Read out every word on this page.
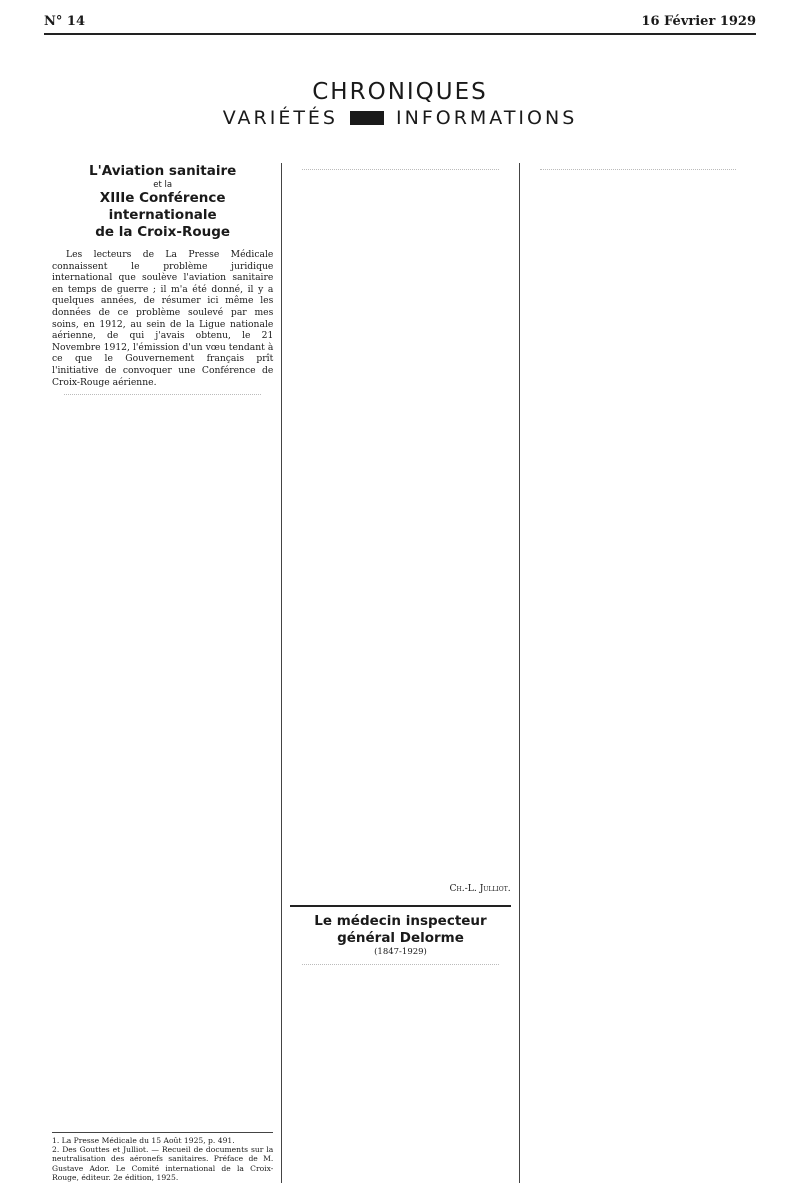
N° 14	16 Février 1929
CHRONIQUES
VARIÉTÉS	INFORMATIONS
L'Aviation sanitaire
et la
XIIIe Conférence internationale
de la Croix-Rouge

Les lecteurs de La Presse Médicale connaissent le problème juridique international que soulève l'aviation sanitaire en temps de guerre ; il m'a été donné, il y a quelques années, de résumer ici même les données de ce problème soulevé par mes soins, en 1912, au sein de la Ligue nationale aérienne, de qui j'avais obtenu, le 21 Novembre 1912, l'émission d'un vœu tendant à ce que le Gouvernement français prît l'initiative de convoquer une Conférence de Croix-Rouge aérienne.

1. La Presse Médicale du 15 Août 1925, p. 491.
2. Des Gouttes et Julliot. — Recueil de documents sur la neutralisation des aéronefs sanitaires. Préface de M. Gustave Ador. Le Comité international de la Croix-Rouge, éditeur. 2e édition, 1925.
Ch.-L. Julliot.
Le médecin inspecteur général Delorme
(1847-1929)
